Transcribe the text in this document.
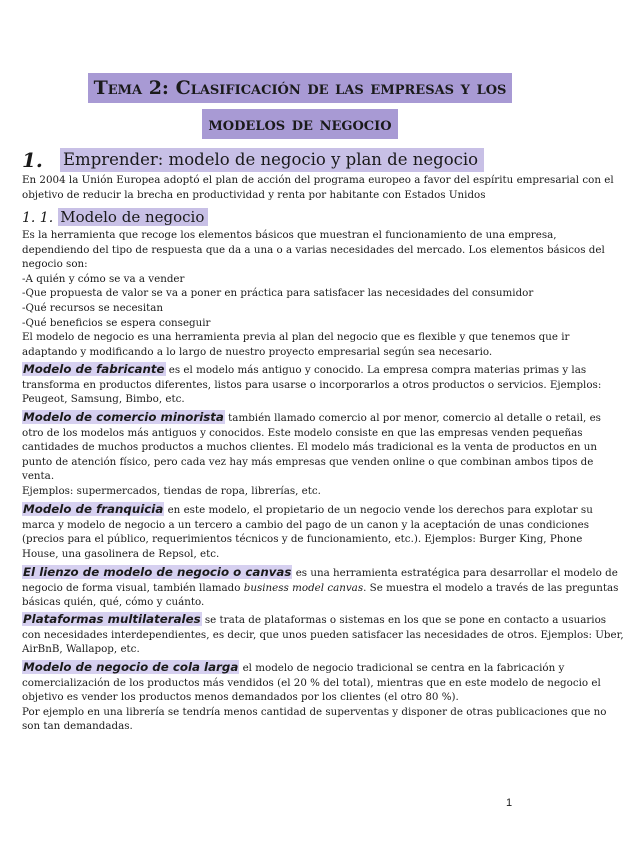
Tema 2: Clasificación de las empresas y los
modelos de negocio
1. Emprender: modelo de negocio y plan de negocio
En 2004 la Unión Europea adoptó el plan de acción del programa europeo a favor del espíritu empresarial con el
objetivo de reducir la brecha en productividad y renta por habitante con Estados Unidos
1. 1. Modelo de negocio
Es la herramienta que recoge los elementos básicos que muestran el funcionamiento de una empresa,
dependiendo del tipo de respuesta que da a una o a varias necesidades del mercado. Los elementos básicos del
negocio son:
-A quién y cómo se va a vender
-Que propuesta de valor se va a poner en práctica para satisfacer las necesidades del consumidor
-Qué recursos se necesitan
-Qué beneficios se espera conseguir
El modelo de negocio es una herramienta previa al plan del negocio que es flexible y que tenemos que ir
adaptando y modificando a lo largo de nuestro proyecto empresarial según sea necesario.
Modelo de fabricante es el modelo más antiguo y conocido. La empresa compra materias primas y las
transforma en productos diferentes, listos para usarse o incorporarlos a otros productos o servicios. Ejemplos:
Peugeot, Samsung, Bimbo, etc.
Modelo de comercio minorista también llamado comercio al por menor, comercio al detalle o retail, es
otro de los modelos más antiguos y conocidos. Este modelo consiste en que las empresas venden pequeñas
cantidades de muchos productos a muchos clientes. El modelo más tradicional es la venta de productos en un
punto de atención físico, pero cada vez hay más empresas que venden online o que combinan ambos tipos de
venta.
Ejemplos: supermercados, tiendas de ropa, librerías, etc.
Modelo de franquicia en este modelo, el propietario de un negocio vende los derechos para explotar su
marca y modelo de negocio a un tercero a cambio del pago de un canon y la aceptación de unas condiciones
(precios para el público, requerimientos técnicos y de funcionamiento, etc.). Ejemplos: Burger King, Phone
House, una gasolinera de Repsol, etc.
El lienzo de modelo de negocio o canvas es una herramienta estratégica para desarrollar el modelo de
negocio de forma visual, también llamado business model canvas. Se muestra el modelo a través de las preguntas
básicas quién, qué, cómo y cuánto.
Plataformas multilaterales se trata de plataformas o sistemas en los que se pone en contacto a usuarios
con necesidades interdependientes, es decir, que unos pueden satisfacer las necesidades de otros. Ejemplos: Uber,
AirBnB, Wallapop, etc.
Modelo de negocio de cola larga el modelo de negocio tradicional se centra en la fabricación y
comercialización de los productos más vendidos (el 20 % del total), mientras que en este modelo de negocio el
objetivo es vender los productos menos demandados por los clientes (el otro 80 %).
Por ejemplo en una librería se tendría menos cantidad de superventas y disponer de otras publicaciones que no
son tan demandadas.
1
